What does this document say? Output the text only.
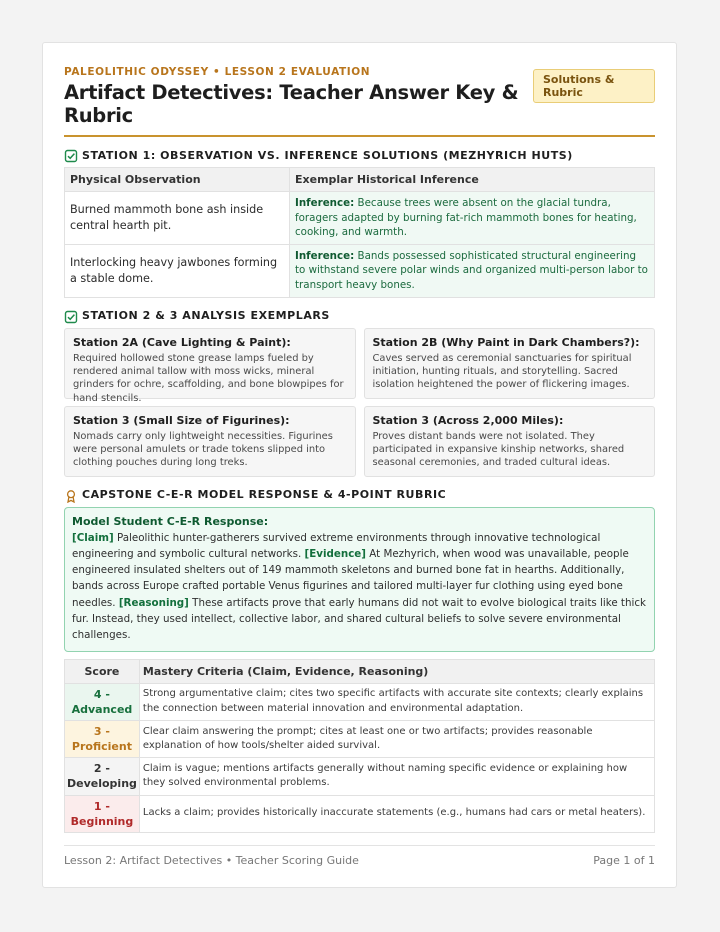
PALEOLITHIC ODYSSEY • LESSON 2 EVALUATION
Artifact Detectives: Teacher Answer Key & Rubric
Solutions & Rubric
STATION 1: OBSERVATION VS. INFERENCE SOLUTIONS (MEZHYRICH HUTS)
Physical Observation	Exemplar Historical Inference
Burned mammoth bone ash inside central hearth pit.	Inference: Because trees were absent on the glacial tundra, foragers adapted by burning fat-rich mammoth bones for heating, cooking, and warmth.
Interlocking heavy jawbones forming a stable dome.	Inference: Bands possessed sophisticated structural engineering to withstand severe polar winds and organized multi-person labor to transport heavy bones.
STATION 2 & 3 ANALYSIS EXEMPLARS
Station 2A (Cave Lighting & Paint):
Required hollowed stone grease lamps fueled by rendered animal tallow with moss wicks, mineral grinders for ochre, scaffolding, and bone blowpipes for hand stencils.
Station 2B (Why Paint in Dark Chambers?):
Caves served as ceremonial sanctuaries for spiritual initiation, hunting rituals, and storytelling. Sacred isolation heightened the power of flickering images.
Station 3 (Small Size of Figurines):
Nomads carry only lightweight necessities. Figurines were personal amulets or trade tokens slipped into clothing pouches during long treks.
Station 3 (Across 2,000 Miles):
Proves distant bands were not isolated. They participated in expansive kinship networks, shared seasonal ceremonies, and traded cultural ideas.
CAPSTONE C-E-R MODEL RESPONSE & 4-POINT RUBRIC
Model Student C-E-R Response:
[Claim] Paleolithic hunter-gatherers survived extreme environments through innovative technological engineering and symbolic cultural networks. [Evidence] At Mezhyrich, when wood was unavailable, people engineered insulated shelters out of 149 mammoth skeletons and burned bone fat in hearths. Additionally, bands across Europe crafted portable Venus figurines and tailored multi-layer fur clothing using eyed bone needles. [Reasoning] These artifacts prove that early humans did not wait to evolve biological traits like thick fur. Instead, they used intellect, collective labor, and shared cultural beliefs to solve severe environmental challenges.
Score	Mastery Criteria (Claim, Evidence, Reasoning)
4 -
Advanced	Strong argumentative claim; cites two specific artifacts with accurate site contexts; clearly explains the connection between material innovation and environmental adaptation.
3 -
Proficient	Clear claim answering the prompt; cites at least one or two artifacts; provides reasonable explanation of how tools/shelter aided survival.
2 -
Developing	Claim is vague; mentions artifacts generally without naming specific evidence or explaining how they solved environmental problems.
1 -
Beginning	Lacks a claim; provides historically inaccurate statements (e.g., humans had cars or metal heaters).
Lesson 2: Artifact Detectives • Teacher Scoring Guide	Page 1 of 1
